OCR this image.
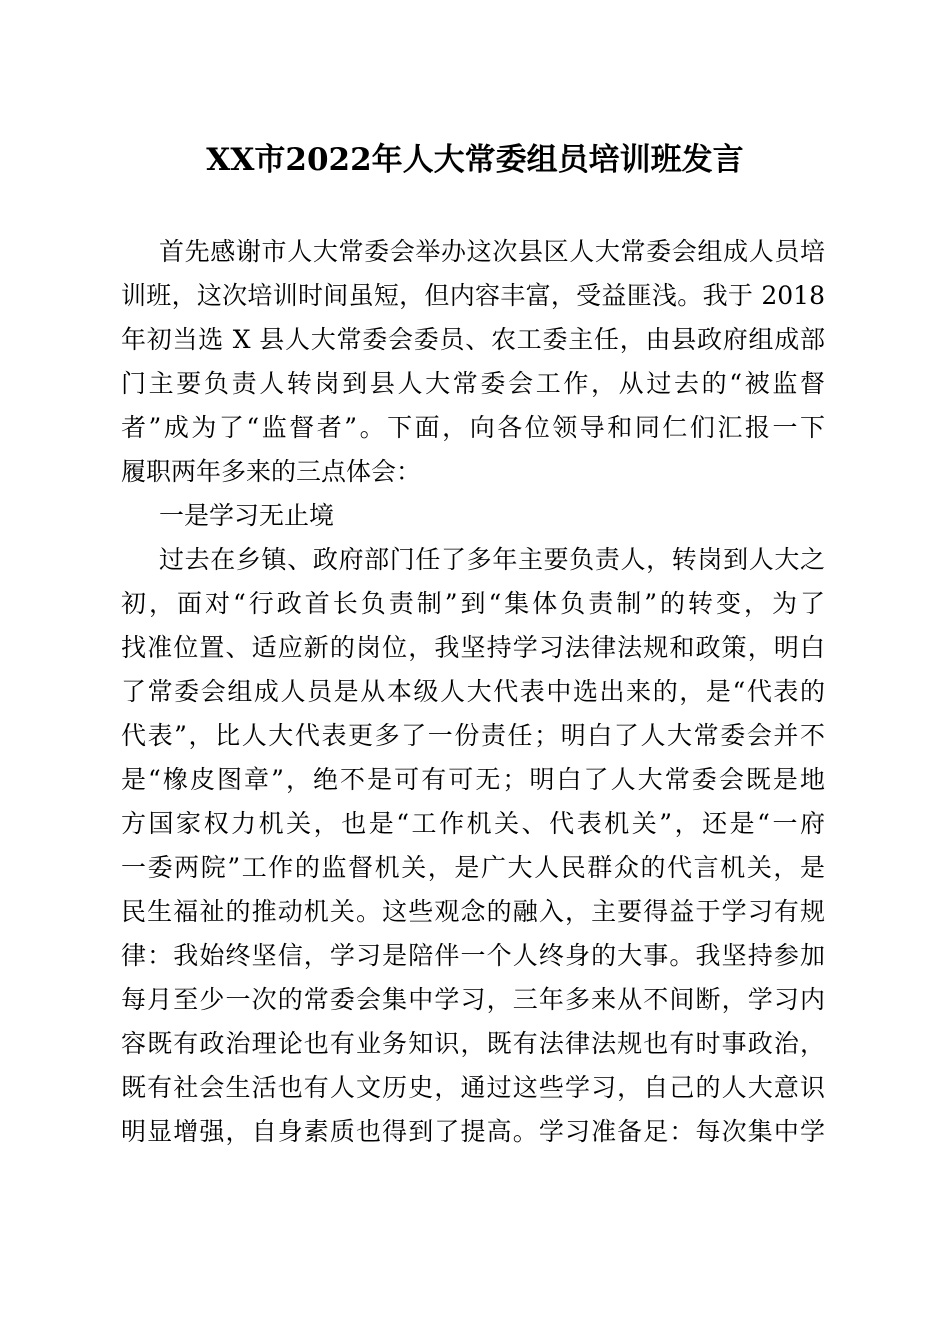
XX市2022年人大常委组员培训班发言
首先感谢市人大常委会举办这次县区人大常委会组成人员培
训班，这次培训时间虽短，但内容丰富，受益匪浅。我于 2018
年初当选 X 县人大常委会委员、农工委主任，由县政府组成部
门主要负责人转岗到县人大常委会工作，从过去的“被监督
者”成为了“监督者”。下面，向各位领导和同仁们汇报一下
履职两年多来的三点体会：
一是学习无止境
过去在乡镇、政府部门任了多年主要负责人，转岗到人大之
初，面对“行政首长负责制”到“集体负责制”的转变，为了
找准位置、适应新的岗位，我坚持学习法律法规和政策，明白
了常委会组成人员是从本级人大代表中选出来的，是“代表的
代表”，比人大代表更多了一份责任；明白了人大常委会并不
是“橡皮图章”，绝不是可有可无；明白了人大常委会既是地
方国家权力机关，也是“工作机关、代表机关”，还是“一府
一委两院”工作的监督机关，是广大人民群众的代言机关，是
民生福祉的推动机关。这些观念的融入，主要得益于学习有规
律：我始终坚信，学习是陪伴一个人终身的大事。我坚持参加
每月至少一次的常委会集中学习，三年多来从不间断，学习内
容既有政治理论也有业务知识，既有法律法规也有时事政治，
既有社会生活也有人文历史，通过这些学习，自己的人大意识
明显增强，自身素质也得到了提高。学习准备足：每次集中学
